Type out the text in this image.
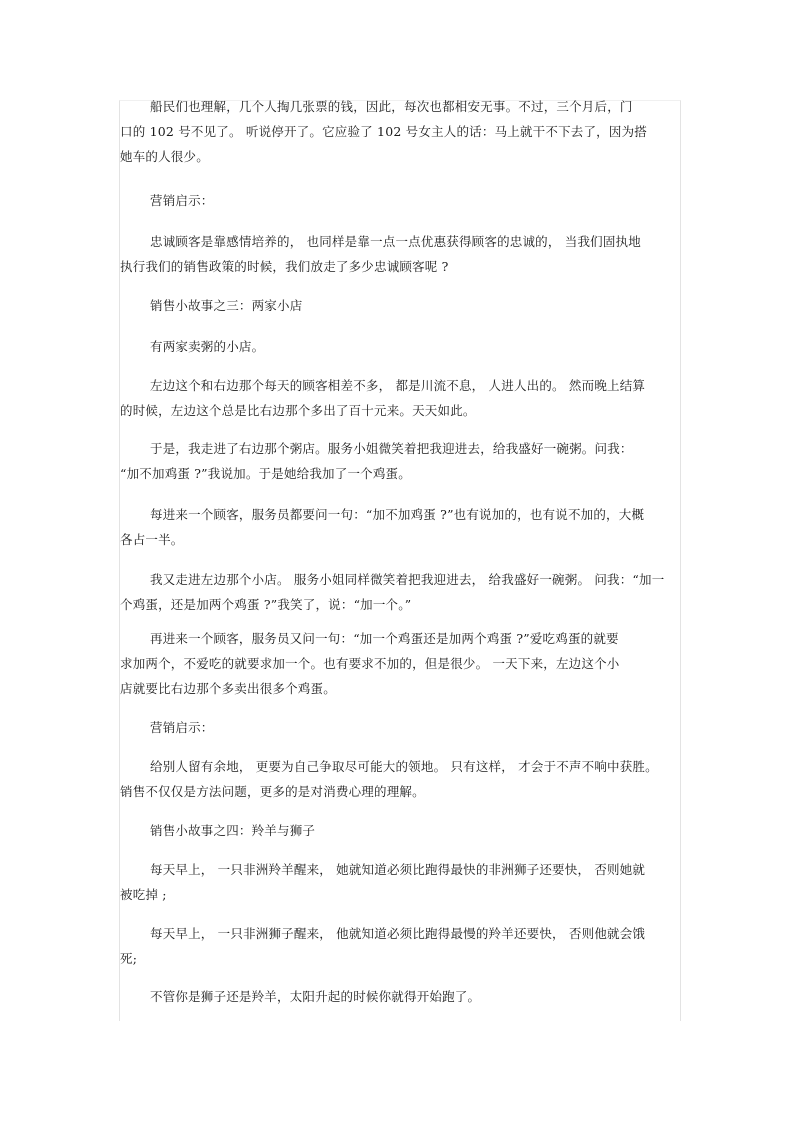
船民们也理解，几个人掏几张票的钱，因此，每次也都相安无事。不过，三个月后，门
口的 102 号不见了。 听说停开了。它应验了 102 号女主人的话：马上就干不下去了，因为搭
她车的人很少。

营销启示：

忠诚顾客是靠感情培养的， 也同样是靠一点一点优惠获得顾客的忠诚的， 当我们固执地
执行我们的销售政策的时候，我们放走了多少忠诚顾客呢 ?

销售小故事之三：两家小店

有两家卖粥的小店。

左边这个和右边那个每天的顾客相差不多， 都是川流不息， 人进人出的。 然而晚上结算
的时候，左边这个总是比右边那个多出了百十元来。天天如此。

于是，我走进了右边那个粥店。服务小姐微笑着把我迎进去，给我盛好一碗粥。问我：
“加不加鸡蛋 ?”我说加。于是她给我加了一个鸡蛋。

每进来一个顾客，服务员都要问一句：“加不加鸡蛋 ?”也有说加的，也有说不加的，大概
各占一半。

我又走进左边那个小店。 服务小姐同样微笑着把我迎进去， 给我盛好一碗粥。 问我：“加一
个鸡蛋，还是加两个鸡蛋 ?”我笑了，说：“加一个。”

再进来一个顾客，服务员又问一句：“加一个鸡蛋还是加两个鸡蛋 ?”爱吃鸡蛋的就要
求加两个，不爱吃的就要求加一个。也有要求不加的，但是很少。 一天下来，左边这个小
店就要比右边那个多卖出很多个鸡蛋。

营销启示：

给别人留有余地， 更要为自己争取尽可能大的领地。 只有这样， 才会于不声不响中获胜。
销售不仅仅是方法问题，更多的是对消费心理的理解。

销售小故事之四：羚羊与狮子

每天早上， 一只非洲羚羊醒来， 她就知道必须比跑得最快的非洲狮子还要快， 否则她就
被吃掉 ;

每天早上， 一只非洲狮子醒来， 他就知道必须比跑得最慢的羚羊还要快， 否则他就会饿
死;

不管你是狮子还是羚羊，太阳升起的时候你就得开始跑了。
